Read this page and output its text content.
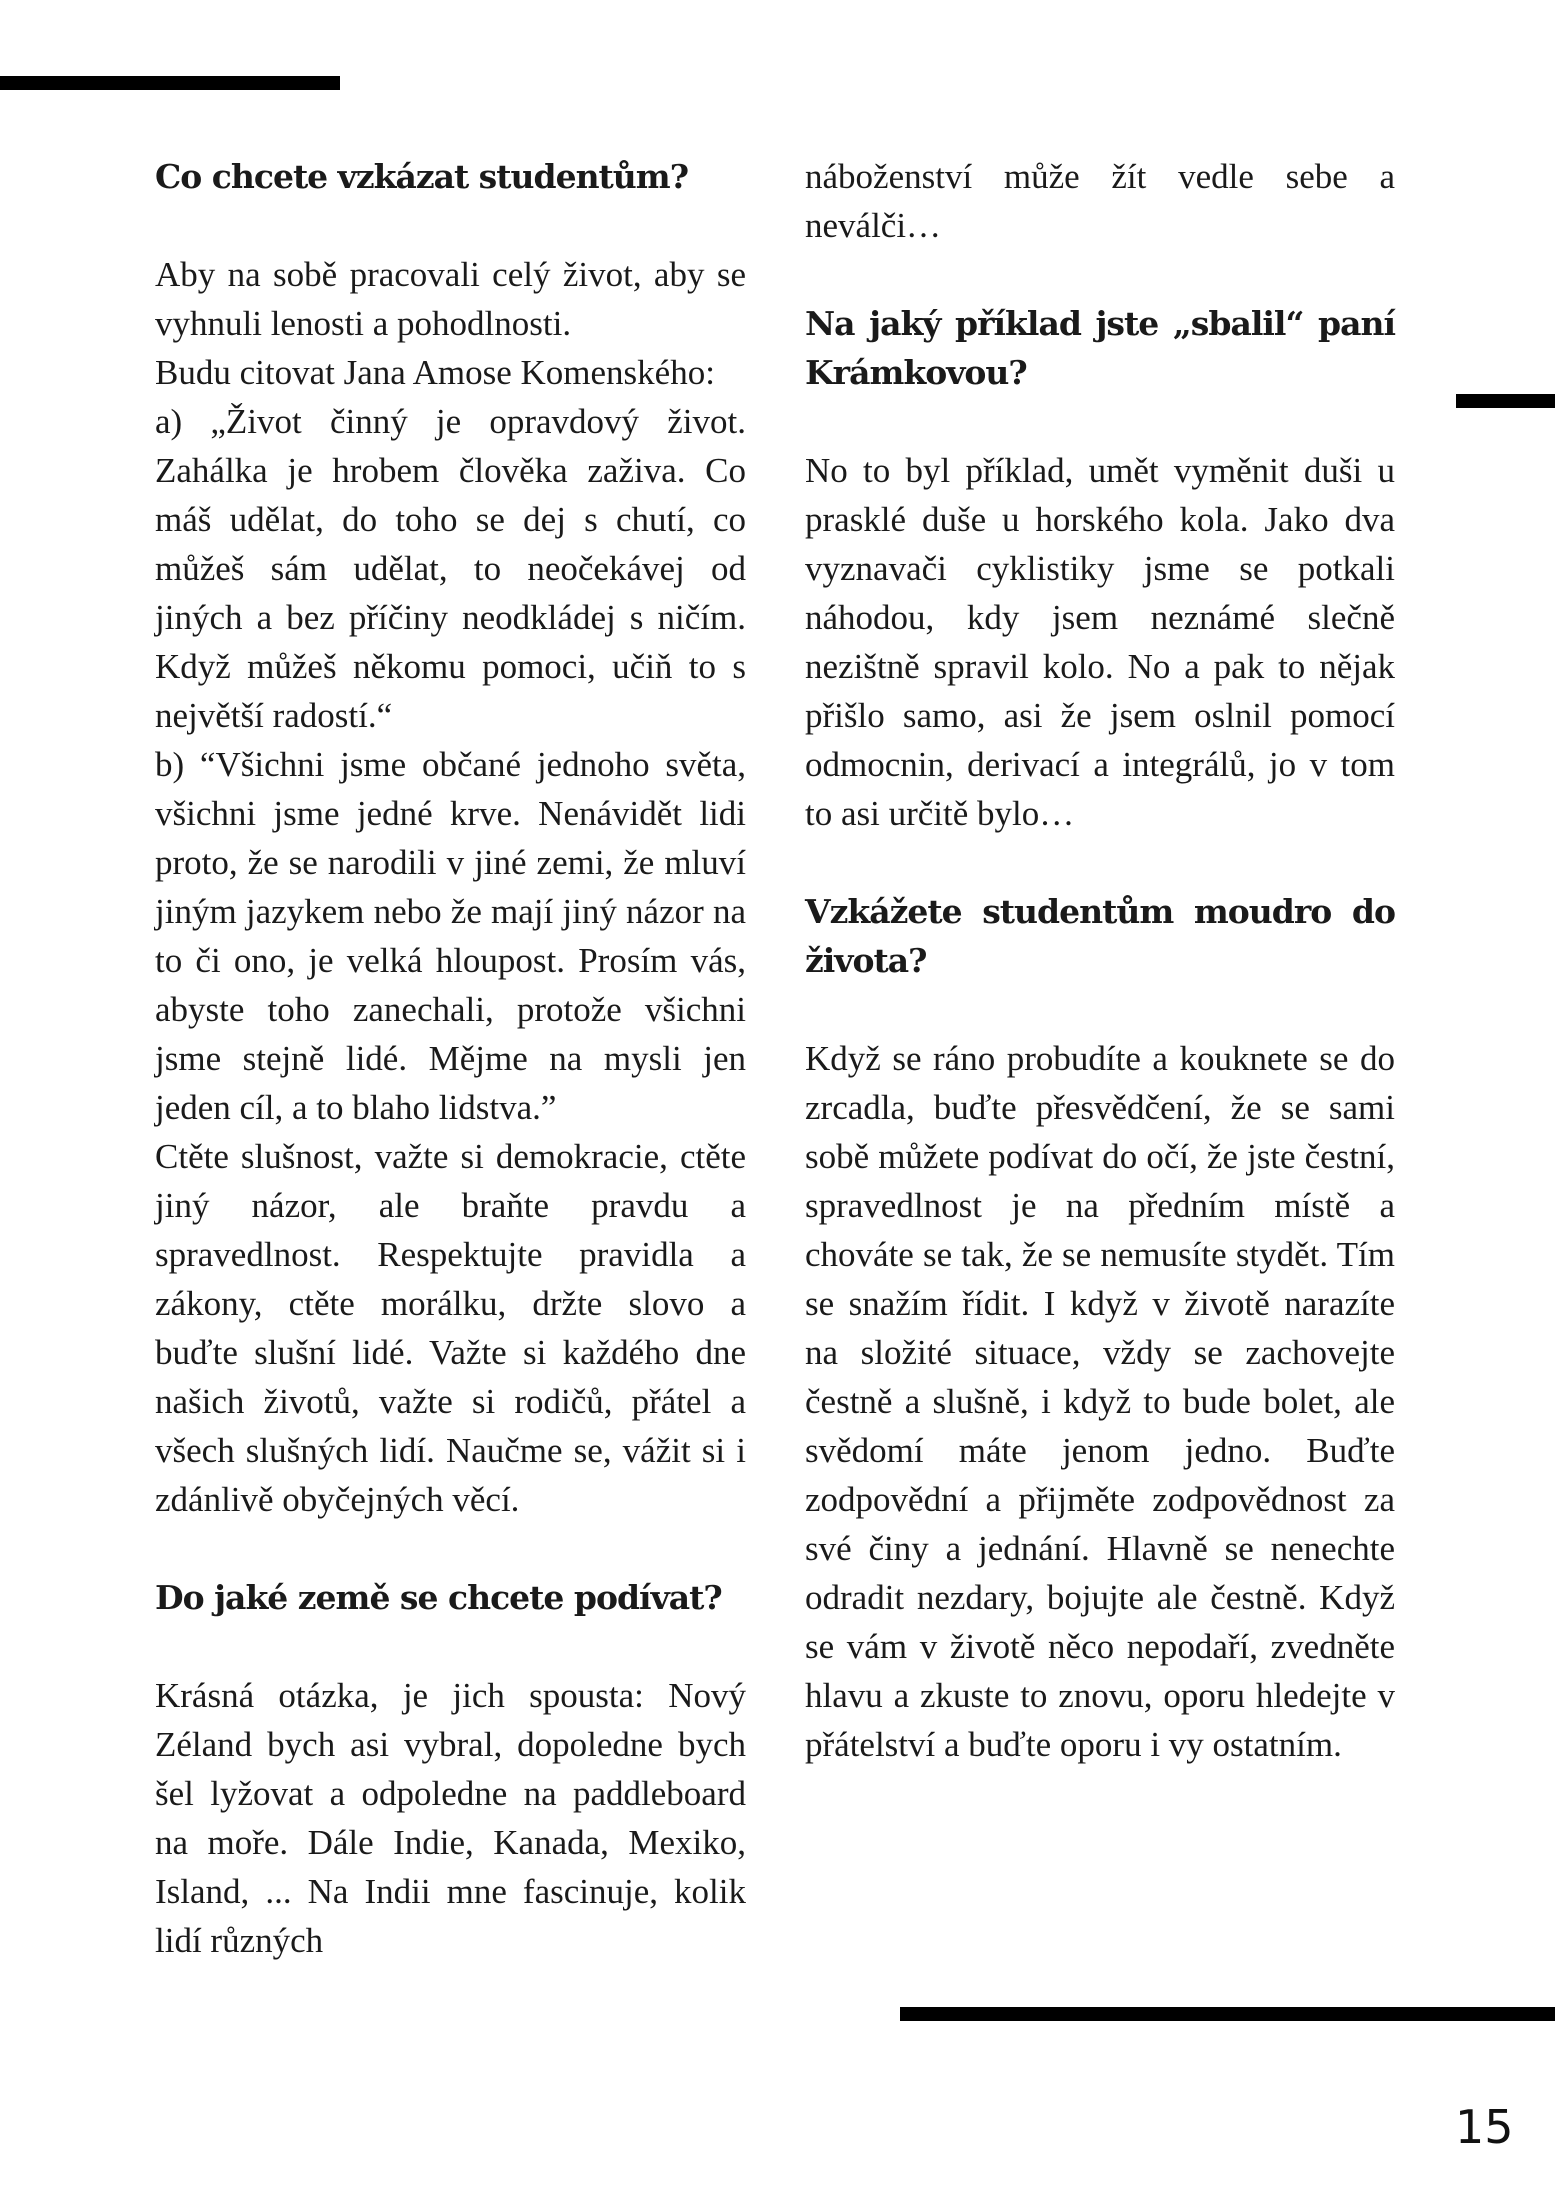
Co chcete vzkázat studentům?

Aby na sobě pracovali celý život, aby se vyhnuli lenosti a pohodlnosti.
Budu citovat Jana Amose Komenského:
a) „Život činný je opravdový život. Zahálka je hrobem člověka zaživa. Co máš udělat, do toho se dej s chutí, co můžeš sám udělat, to neočekávej od jiných a bez příčiny neodkládej s ničím. Když můžeš někomu pomoci, učiň to s největší radostí.“
b) “Všichni jsme občané jednoho světa, všichni jsme jedné krve. Nenávidět lidi proto, že se narodili v jiné zemi, že mluví jiným jazykem nebo že mají jiný názor na to či ono, je velká hloupost. Prosím vás, abyste toho zanechali, protože všichni jsme stejně lidé. Mějme na mysli jen jeden cíl, a to blaho lidstva.”
Ctěte slušnost, važte si demokracie, ctěte jiný názor, ale braňte pravdu a spravedlnost. Respektujte pravidla a zákony, ctěte morálku, držte slovo a buďte slušní lidé. Važte si každého dne našich životů, važte si rodičů, přátel a všech slušných lidí. Naučme se, vážit si i zdánlivě obyčejných věcí.

Do jaké země se chcete podívat?

Krásná otázka, je jich spousta: Nový Zéland bych asi vybral, dopoledne bych šel lyžovat a odpoledne na paddleboard na moře. Dále Indie, Kanada, Mexiko, Island, ... Na Indii mne fascinuje, kolik lidí různých

náboženství může žít vedle sebe a neválči…

Na jaký příklad jste „sbalil“ paní Krámkovou?

No to byl příklad, umět vyměnit duši u prasklé duše u horského kola. Jako dva vyznavači cyklistiky jsme se potkali náhodou, kdy jsem neznámé slečně nezištně spravil kolo. No a pak to nějak přišlo samo, asi že jsem oslnil pomocí odmocnin, derivací a integrálů, jo v tom to asi určitě bylo…

Vzkážete studentům moudro do života?

Když se ráno probudíte a kouknete se do zrcadla, buďte přesvědčení, že se sami sobě můžete podívat do očí, že jste čestní, spravedlnost je na předním místě a chováte se tak, že se nemusíte stydět. Tím se snažím řídit. I když v životě narazíte na složité situace, vždy se zachovejte čestně a slušně, i když to bude bolet, ale svědomí máte jenom jedno. Buďte zodpovědní a přijměte zodpovědnost za své činy a jednání. Hlavně se nenechte odradit nezdary, bojujte ale čestně. Když se vám v životě něco nepodaří, zvedněte hlavu a zkuste to znovu, oporu hledejte v přátelství a buďte oporu i vy ostatním.

15
